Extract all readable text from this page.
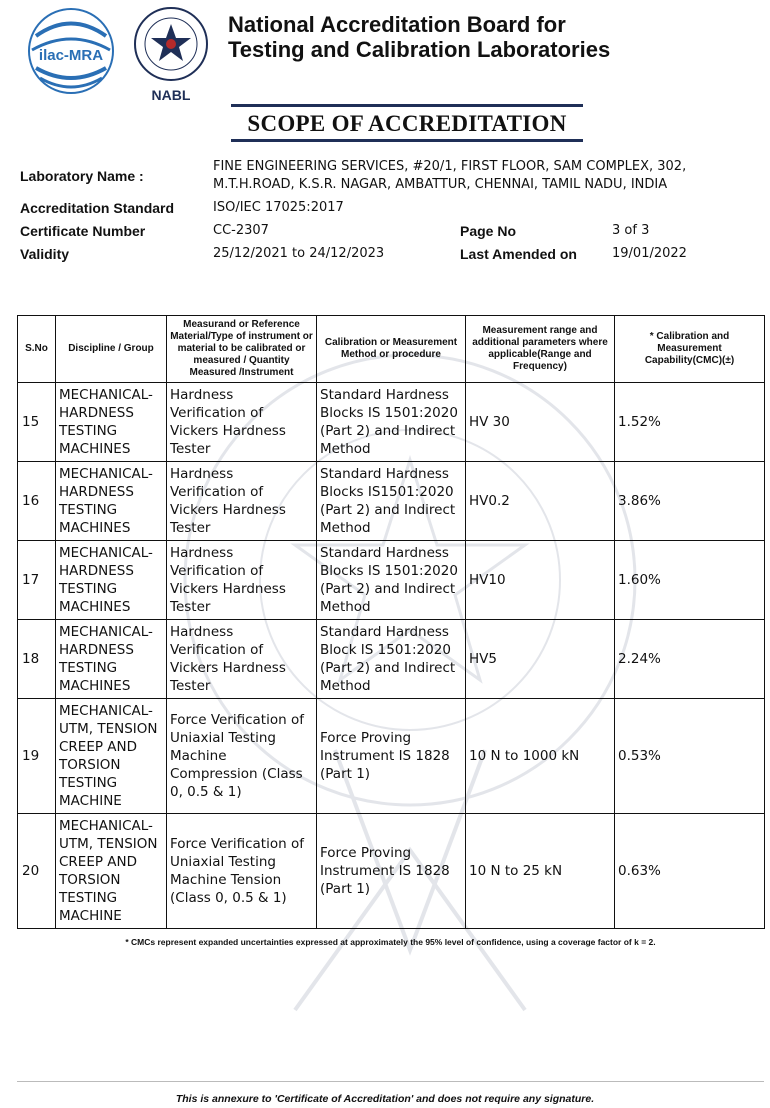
ilac-MRA
NABL
National Accreditation Board for
Testing and Calibration Laboratories
SCOPE OF ACCREDITATION
Laboratory Name :
FINE ENGINEERING SERVICES, #20/1, FIRST FLOOR, SAM COMPLEX, 302,
M.T.H.ROAD, K.S.R. NAGAR, AMBATTUR, CHENNAI, TAMIL NADU, INDIA
Accreditation Standard	ISO/IEC 17025:2017
Certificate Number	CC-2307	Page No	3 of 3
Validity	25/12/2021 to 24/12/2023	Last Amended on	19/01/2022
S.No	Discipline / Group	Measurand or Reference Material/Type of instrument or material to be calibrated or measured / Quantity Measured /Instrument	Calibration or Measurement Method or procedure	Measurement range and additional parameters where applicable(Range and Frequency)	* Calibration and Measurement Capability(CMC)(±)
15	MECHANICAL- HARDNESS TESTING MACHINES	Hardness Verification of Vickers Hardness Tester	Standard Hardness Blocks IS 1501:2020 (Part 2) and Indirect Method	HV 30	1.52%
16	MECHANICAL- HARDNESS TESTING MACHINES	Hardness Verification of Vickers Hardness Tester	Standard Hardness Blocks IS1501:2020 (Part 2) and Indirect Method	HV0.2	3.86%
17	MECHANICAL- HARDNESS TESTING MACHINES	Hardness Verification of Vickers Hardness Tester	Standard Hardness Blocks IS 1501:2020 (Part 2) and Indirect Method	HV10	1.60%
18	MECHANICAL- HARDNESS TESTING MACHINES	Hardness Verification of Vickers Hardness Tester	Standard Hardness Block IS 1501:2020 (Part 2) and Indirect Method	HV5	2.24%
19	MECHANICAL- UTM, TENSION CREEP AND TORSION TESTING MACHINE	Force Verification of Uniaxial Testing Machine Compression (Class 0, 0.5 & 1)	Force Proving Instrument IS 1828 (Part 1)	10 N to 1000 kN	0.53%
20	MECHANICAL- UTM, TENSION CREEP AND TORSION TESTING MACHINE	Force Verification of Uniaxial Testing Machine Tension (Class 0, 0.5 & 1)	Force Proving Instrument IS 1828 (Part 1)	10 N to 25 kN	0.63%
* CMCs represent expanded uncertainties expressed at approximately the 95% level of confidence, using a coverage factor of k = 2.
This is annexure to 'Certificate of Accreditation' and does not require any signature.
